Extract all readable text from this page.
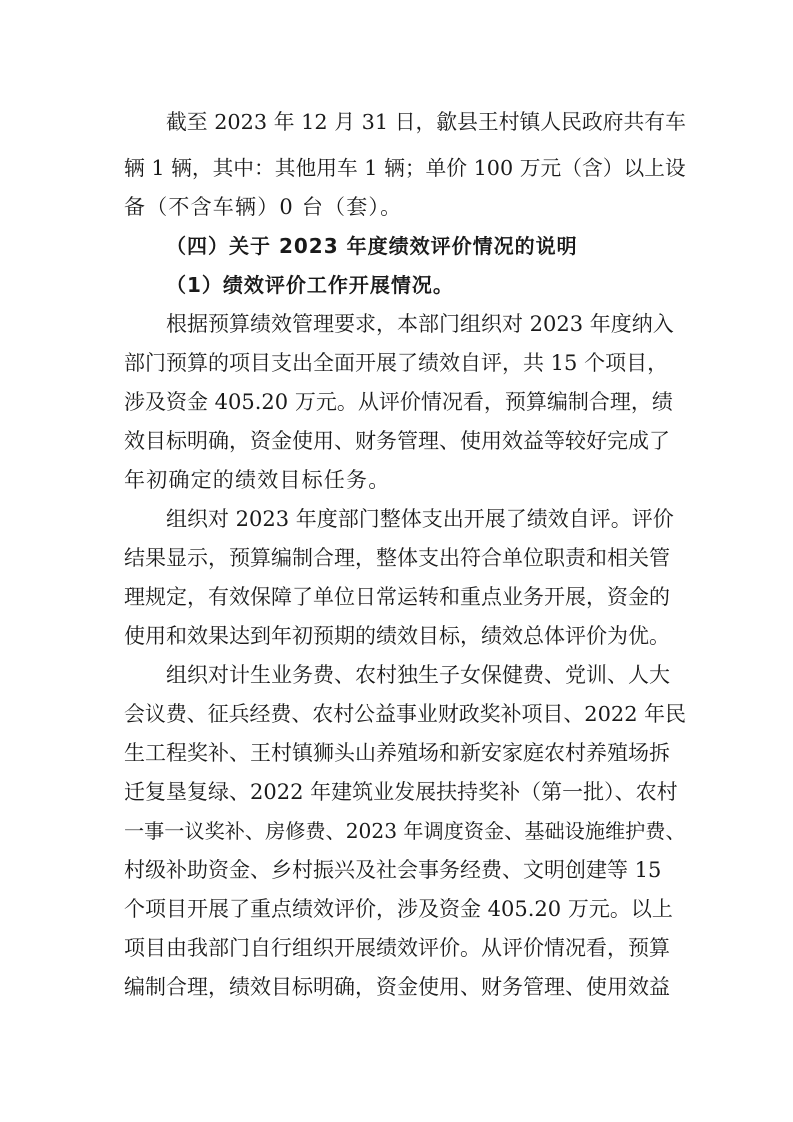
截至 2023 年 12 月 31 日，歙县王村镇人民政府共有车
辆 1 辆，其中：其他用车 1 辆；单价 100 万元（含）以上设
备（不含车辆）0 台（套）。
（四）关于 2023 年度绩效评价情况的说明
（1）绩效评价工作开展情况。
根据预算绩效管理要求，本部门组织对 2023 年度纳入
部门预算的项目支出全面开展了绩效自评，共 15 个项目，
涉及资金 405.20 万元。从评价情况看，预算编制合理，绩
效目标明确，资金使用、财务管理、使用效益等较好完成了
年初确定的绩效目标任务。
组织对 2023 年度部门整体支出开展了绩效自评。评价
结果显示，预算编制合理，整体支出符合单位职责和相关管
理规定，有效保障了单位日常运转和重点业务开展，资金的
使用和效果达到年初预期的绩效目标，绩效总体评价为优。
组织对计生业务费、农村独生子女保健费、党训、人大
会议费、征兵经费、农村公益事业财政奖补项目、2022 年民
生工程奖补、王村镇狮头山养殖场和新安家庭农村养殖场拆
迁复垦复绿、2022 年建筑业发展扶持奖补（第一批）、农村
一事一议奖补、房修费、2023 年调度资金、基础设施维护费、
村级补助资金、乡村振兴及社会事务经费、文明创建等 15
个项目开展了重点绩效评价，涉及资金 405.20 万元。以上
项目由我部门自行组织开展绩效评价。从评价情况看，预算
编制合理，绩效目标明确，资金使用、财务管理、使用效益
